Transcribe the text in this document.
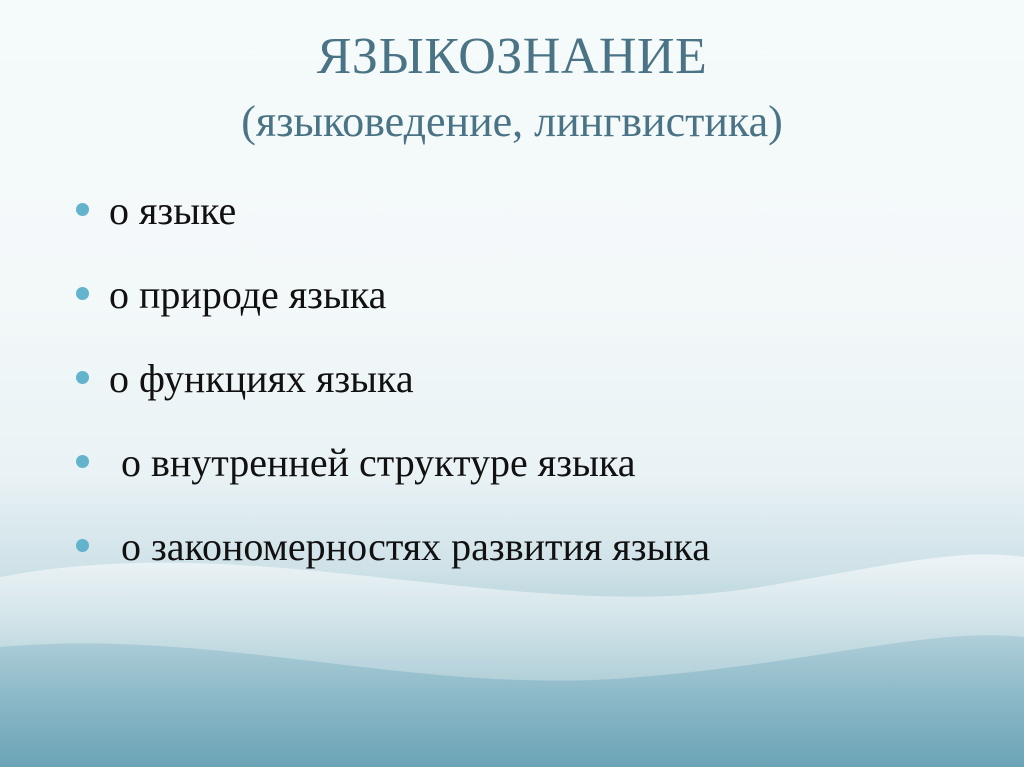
ЯЗЫКОЗНАНИЕ
(языковедение, лингвистика)
о языке
о природе языка
о функциях языка
о внутренней структуре языка
о закономерностях развития языка
